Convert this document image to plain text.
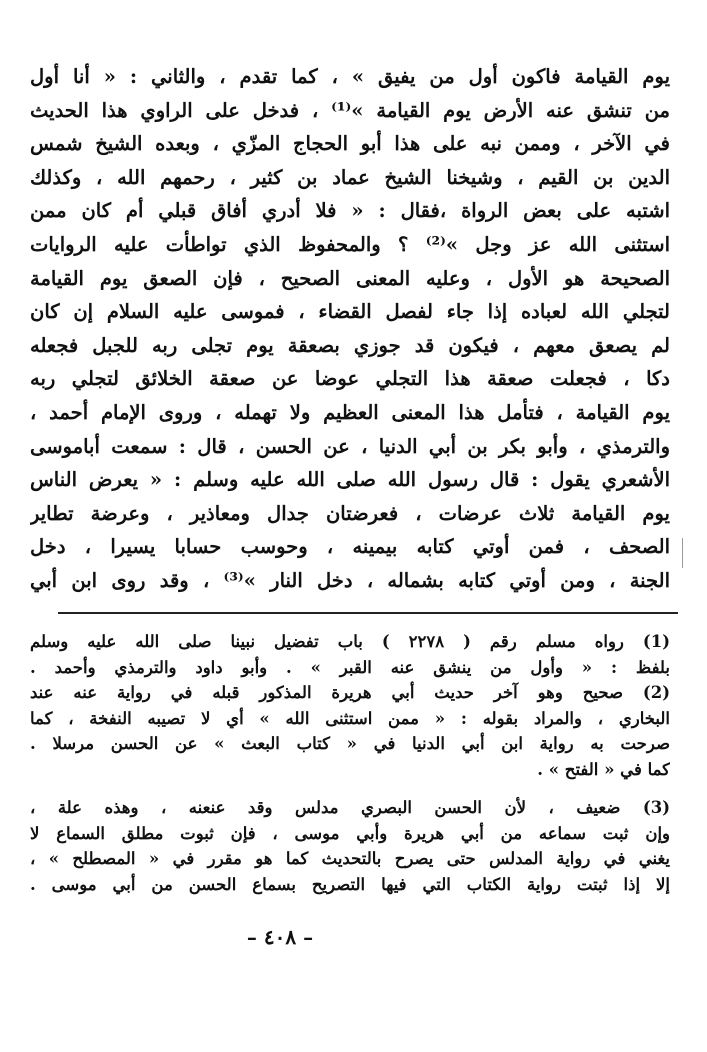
يوم القيامة فاكون أول من يفيق » ، كما تقدم ، والثاني : « أنا أول
من تنشق عنه الأرض يوم القيامة »⁽¹⁾ ، فدخل على الراوي هذا الحديث
في الآخر ، وممن نبه على هذا أبو الحجاج المزّي ، وبعده الشيخ شمس
الدين بن القيم ، وشيخنا الشيخ عماد بن كثير ، رحمهم الله ، وكذلك
اشتبه على بعض الرواة ،فقال : « فلا أدري أفاق قبلي أم كان ممن
استثنى الله عز وجل »⁽²⁾ ؟ والمحفوظ الذي تواطأت عليه الروايات
الصحيحة هو الأول ، وعليه المعنى الصحيح ، فإن الصعق يوم القيامة
لتجلي الله لعباده إذا جاء لفصل القضاء ، فموسى عليه السلام إن كان
لم يصعق معهم ، فيكون قد جوزي بصعقة يوم تجلى ربه للجبل فجعله
دكا ، فجعلت صعقة هذا التجلي عوضا عن صعقة الخلائق لتجلي ربه
يوم القيامة ، فتأمل هذا المعنى العظيم ولا تهمله ، وروى الإمام أحمد ،
والترمذي ، وأبو بكر بن أبي الدنيا ، عن الحسن ، قال : سمعت أباموسى
الأشعري يقول : قال رسول الله صلى الله عليه وسلم : « يعرض الناس
يوم القيامة ثلاث عرضات ، فعرضتان جدال ومعاذير ، وعرضة تطاير
الصحف ، فمن أوتي كتابه بيمينه ، وحوسب حسابا يسيرا ، دخل
الجنة ، ومن أوتي كتابه بشماله ، دخل النار »⁽³⁾ ، وقد روى ابن أبي
(1) رواه مسلم رقم ( ٢٢٧٨ ) باب تفضيل نبينا صلى الله عليه وسلم
بلفظ : « وأول من ينشق عنه القبر » . وأبو داود والترمذي وأحمد .
(2) صحيح وهو آخر حديث أبي هريرة المذكور قبله في رواية عنه عند
البخاري ، والمراد بقوله : « ممن استثنى الله » أي لا تصيبه النفخة ، كما
صرحت به رواية ابن أبي الدنيا في « كتاب البعث » عن الحسن مرسلا .
كما في « الفتح » .
(3) ضعيف ، لأن الحسن البصري مدلس وقد عنعنه ، وهذه علة ،
وإن ثبت سماعه من أبي هريرة وأبي موسى ، فإن ثبوت مطلق السماع لا
يغني في رواية المدلس حتى يصرح بالتحديث كما هو مقرر في « المصطلح » ،
إلا إذا ثبتت رواية الكتاب التي فيها التصريح بسماع الحسن من أبي موسى .
– ٤٠٨ –
